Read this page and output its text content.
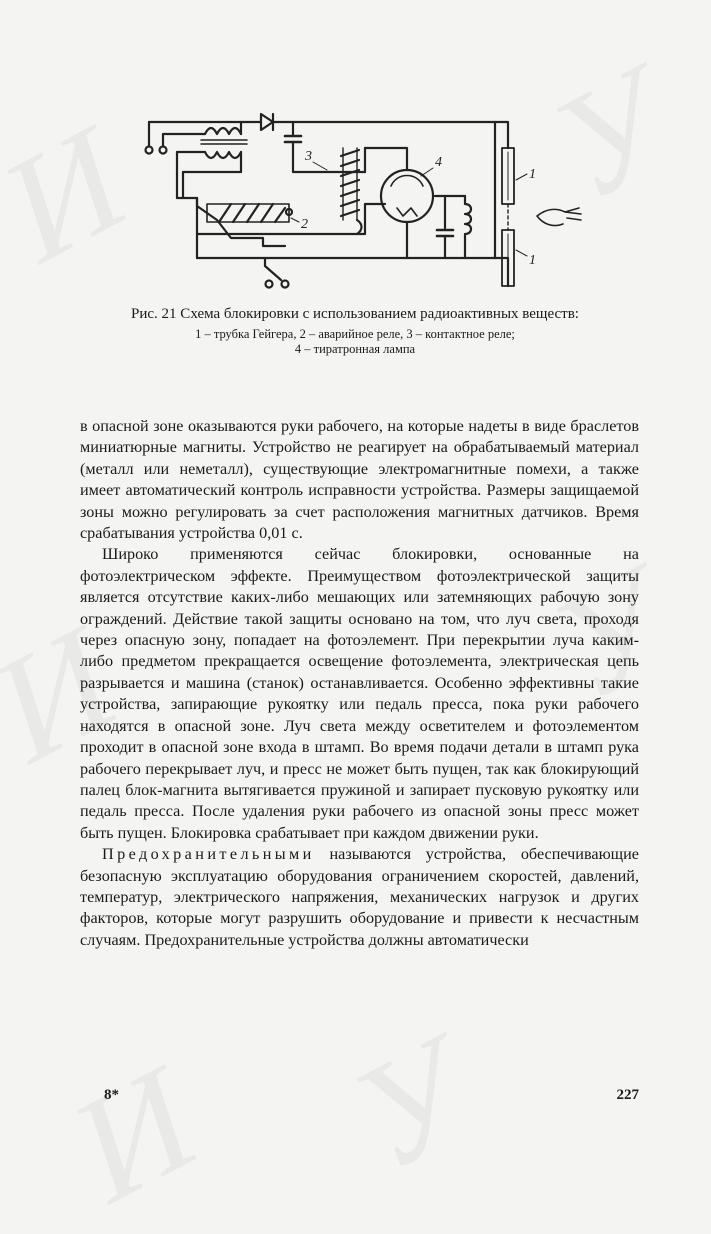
1
2
3	4
1
Рис. 21 Схема блокировки с использованием радиоактивных веществ:
1 – трубка Гейгера, 2 – аварийное реле, 3 – контактное реле;
4 – тиратронная лампа

в опасной зоне оказываются руки рабочего, на которые надеты в виде браслетов миниатюрные магниты. Устройство не реагирует на обрабатываемый материал (металл или неметалл), существующие электромагнитные помехи, а также имеет автоматический контроль исправности устройства. Размеры защищаемой зоны можно регулировать за счет расположения магнитных датчиков. Время срабатывания устройства 0,01 с.

Широко применяются сейчас блокировки, основанные на фотоэлектрическом эффекте. Преимуществом фотоэлектрической защиты является отсутствие каких-либо мешающих или затемняющих рабочую зону ограждений. Действие такой защиты основано на том, что луч света, проходя через опасную зону, попадает на фотоэлемент. При перекрытии луча каким-либо предметом прекращается освещение фотоэлемента, электрическая цепь разрывается и машина (станок) останавливается. Особенно эффективны такие устройства, запирающие рукоятку или педаль пресса, пока руки рабочего находятся в опасной зоне. Луч света между осветителем и фотоэлементом проходит в опасной зоне входа в штамп. Во время подачи детали в штамп рука рабочего перекрывает луч, и пресс не может быть пущен, так как блокирующий палец блок-магнита вытягивается пружиной и запирает пусковую рукоятку или педаль пресса. После удаления руки рабочего из опасной зоны пресс может быть пущен. Блокировка срабатывает при каждом движении руки.

Предохранительными называются устройства, обеспечивающие безопасную эксплуатацию оборудования ограничением скоростей, давлений, температур, электрического напряжения, механических нагрузок и других факторов, которые могут разрушить оборудование и привести к несчастным случаям. Предохранительные устройства должны автоматически

8*	227
